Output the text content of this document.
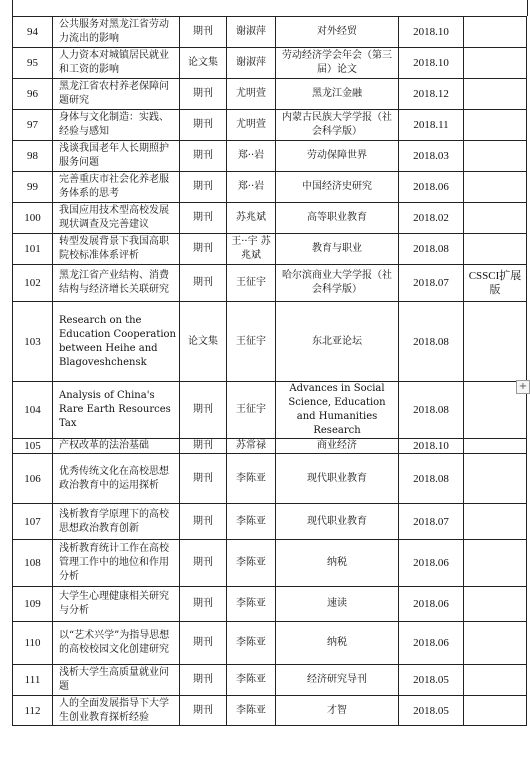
94	公共服务对黑龙江省劳动力流出的影响	期刊	谢淑萍	对外经贸	2018.10	
95	人力资本对城镇居民就业和工资的影响	论文集	谢淑萍	劳动经济学会年会（第三届）论文	2018.10	
96	黑龙江省农村养老保障问题研究	期刊	尤明萱	黑龙江金融	2018.12	
97	身体与文化制造：实践、经验与感知	期刊	尤明萱	内蒙古民族大学学报（社会科学版）	2018.11	
98	浅谈我国老年人长期照护服务问题	期刊	郑··岩	劳动保障世界	2018.03	
99	完善重庆市社会化养老服务体系的思考	期刊	郑··岩	中国经济史研究	2018.06	
100	我国应用技术型高校发展现状调查及完善建议	期刊	苏兆斌	高等职业教育	2018.02	
101	转型发展背景下我国高职院校标准体系评析	期刊	王··宇 苏兆斌	教育与职业	2018.08	
102	黑龙江省产业结构、消费结构与经济增长关联研究	期刊	王征宇	哈尔滨商业大学学报（社会科学版）	2018.07	CSSCI扩展版
103	Research on the Education Cooperation between Heihe and Blagoveshchensk	论文集	王征宇	东北亚论坛	2018.08	
104	Analysis of China's Rare Earth Resources Tax	期刊	王征宇	Advances in Social Science, Education and Humanities Research	2018.08	
105	产权改革的法治基础	期刊	苏常禄	商业经济	2018.10	
106	优秀传统文化在高校思想政治教育中的运用探析	期刊	李陈亚	现代职业教育	2018.08	
107	浅析教育学原理下的高校思想政治教育创新	期刊	李陈亚	现代职业教育	2018.07	
108	浅析教育统计工作在高校管理工作中的地位和作用分析	期刊	李陈亚	纳税	2018.06	
109	大学生心理健康相关研究与分析	期刊	李陈亚	速读	2018.06	
110	以“艺术兴学”为指导思想的高校校园文化创建研究	期刊	李陈亚	纳税	2018.06	
111	浅析大学生高质量就业问题	期刊	李陈亚	经济研究导刊	2018.05	
112	人的全面发展指导下大学生创业教育探析经验	期刊	李陈亚	才智	2018.05	
+
